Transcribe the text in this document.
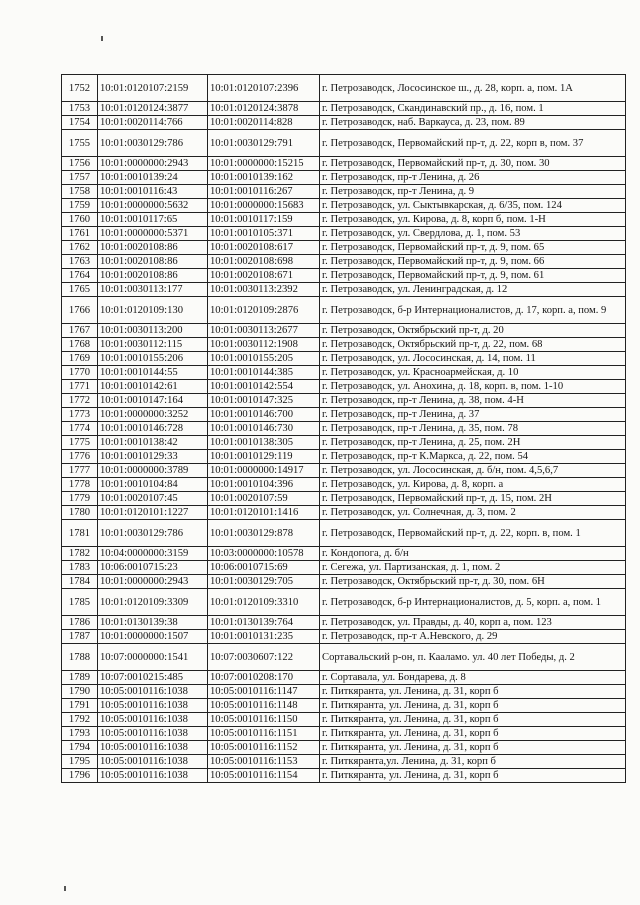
1752	10:01:0120107:2159	10:01:0120107:2396	г. Петрозаводск, Лососинское ш., д. 28, корп. а, пом. 1А
1753	10:01:0120124:3877	10:01:0120124:3878	г. Петрозаводск, Скандинавский пр., д. 16, пом. 1
1754	10:01:0020114:766	10:01:0020114:828	г. Петрозаводск, наб. Варкауса, д. 23, пом. 89
1755	10:01:0030129:786	10:01:0030129:791	г. Петрозаводск, Первомайский пр-т, д. 22, корп в, пом. 37
1756	10:01:0000000:2943	10:01:0000000:15215	г. Петрозаводск, Первомайский пр-т, д. 30, пом. 30
1757	10:01:0010139:24	10:01:0010139:162	г. Петрозаводск, пр-т Ленина, д. 26
1758	10:01:0010116:43	10:01:0010116:267	г. Петрозаводск, пр-т Ленина, д. 9
1759	10:01:0000000:5632	10:01:0000000:15683	г. Петрозаводск, ул. Сыктывкарская, д. 6/35, пом. 124
1760	10:01:0010117:65	10:01:0010117:159	г. Петрозаводск, ул. Кирова, д. 8, корп б, пом. 1-Н
1761	10:01:0000000:5371	10:01:0010105:371	г. Петрозаводск, ул. Свердлова, д. 1, пом. 53
1762	10:01:0020108:86	10:01:0020108:617	г. Петрозаводск, Первомайский пр-т, д. 9, пом. 65
1763	10:01:0020108:86	10:01:0020108:698	г. Петрозаводск, Первомайский пр-т, д. 9, пом. 66
1764	10:01:0020108:86	10:01:0020108:671	г. Петрозаводск, Первомайский пр-т, д. 9, пом. 61
1765	10:01:0030113:177	10:01:0030113:2392	г. Петрозаводск, ул. Ленинградская, д. 12
1766	10:01:0120109:130	10:01:0120109:2876	г. Петрозаводск, б-р Интернационалистов, д. 17, корп. а, пом. 9
1767	10:01:0030113:200	10:01:0030113:2677	г. Петрозаводск, Октябрьский пр-т, д. 20
1768	10:01:0030112:115	10:01:0030112:1908	г. Петрозаводск, Октябрьский пр-т, д. 22, пом. 68
1769	10:01:0010155:206	10:01:0010155:205	г. Петрозаводск, ул. Лососинская, д. 14, пом. 11
1770	10:01:0010144:55	10:01:0010144:385	г. Петрозаводск, ул. Красноармейская, д. 10
1771	10:01:0010142:61	10:01:0010142:554	г. Петрозаводск, ул. Анохина, д. 18, корп. в, пом. 1-10
1772	10:01:0010147:164	10:01:0010147:325	г. Петрозаводск, пр-т Ленина, д. 38, пом. 4-Н
1773	10:01:0000000:3252	10:01:0010146:700	г. Петрозаводск, пр-т Ленина, д. 37
1774	10:01:0010146:728	10:01:0010146:730	г. Петрозаводск, пр-т Ленина, д. 35, пом. 78
1775	10:01:0010138:42	10:01:0010138:305	г. Петрозаводск, пр-т Ленина, д. 25, пом. 2Н
1776	10:01:0010129:33	10:01:0010129:119	г. Петрозаводск, пр-т К.Маркса, д. 22, пом. 54
1777	10:01:0000000:3789	10:01:0000000:14917	г. Петрозаводск, ул. Лососинская, д. б/н, пом. 4,5,6,7
1778	10:01:0010104:84	10:01:0010104:396	г. Петрозаводск, ул. Кирова, д. 8, корп. а
1779	10:01:0020107:45	10:01:0020107:59	г. Петрозаводск, Первомайский пр-т, д. 15, пом. 2Н
1780	10:01:0120101:1227	10:01:0120101:1416	г. Петрозаводск, ул. Солнечная, д. 3, пом. 2
1781	10:01:0030129:786	10:01:0030129:878	г. Петрозаводск, Первомайский пр-т, д. 22, корп. в, пом. 1
1782	10:04:0000000:3159	10:03:0000000:10578	г. Кондопога, д. б/н
1783	10:06:0010715:23	10:06:0010715:69	г. Сегежа, ул. Партизанская, д. 1, пом. 2
1784	10:01:0000000:2943	10:01:0030129:705	г. Петрозаводск, Октябрьский пр-т, д. 30, пом. 6Н
1785	10:01:0120109:3309	10:01:0120109:3310	г. Петрозаводск, б-р Интернационалистов, д. 5, корп. а, пом. 1
1786	10:01:0130139:38	10:01:0130139:764	г. Петрозаводск, ул. Правды, д. 40, корп а, пом. 123
1787	10:01:0000000:1507	10:01:0010131:235	г. Петрозаводск, пр-т А.Невского, д. 29
1788	10:07:0000000:1541	10:07:0030607:122	Сортавальский р-он, п. Кааламо. ул. 40 лет Победы, д. 2
1789	10:07:0010215:485	10:07:0010208:170	г. Сортавала, ул. Бондарева, д. 8
1790	10:05:0010116:1038	10:05:0010116:1147	г. Питкяранта, ул. Ленина, д. 31, корп б
1791	10:05:0010116:1038	10:05:0010116:1148	г. Питкяранта, ул. Ленина, д. 31, корп б
1792	10:05:0010116:1038	10:05:0010116:1150	г. Питкяранта, ул. Ленина, д. 31, корп б
1793	10:05:0010116:1038	10:05:0010116:1151	г. Питкяранта, ул. Ленина, д. 31, корп б
1794	10:05:0010116:1038	10:05:0010116:1152	г. Питкяранта, ул. Ленина, д. 31, корп б
1795	10:05:0010116:1038	10:05:0010116:1153	г. Питкяранта,ул. Ленина, д. 31, корп б
1796	10:05:0010116:1038	10:05:0010116:1154	г. Питкяранта, ул. Ленина, д. 31, корп б
